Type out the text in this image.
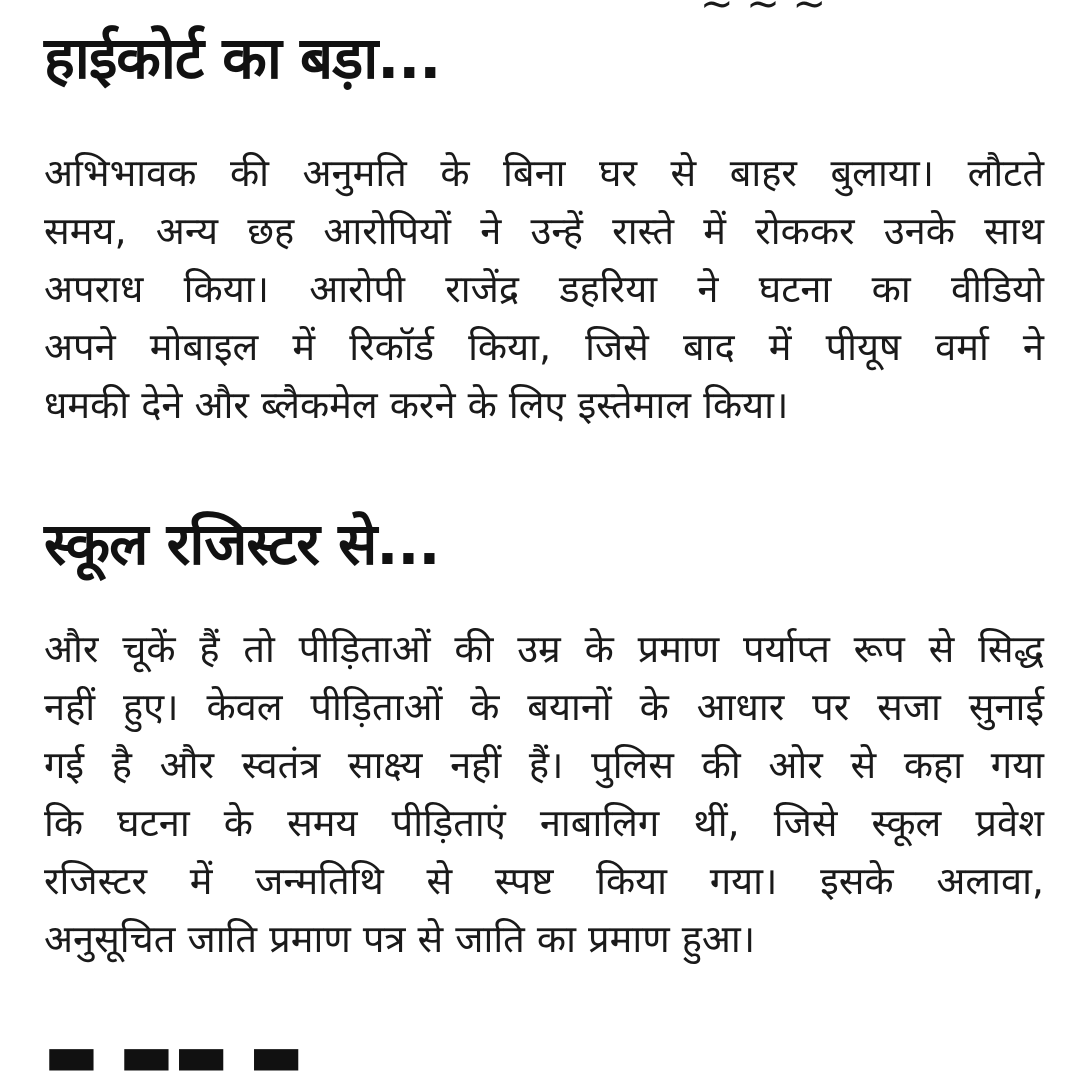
~ ~ ~
हाईकोर्ट का बड़ा...
अभिभावक की अनुमति के बिना घर से बाहर बुलाया। लौटते
समय, अन्य छह आरोपियों ने उन्हें रास्ते में रोककर उनके साथ
अपराध किया। आरोपी राजेंद्र डहरिया ने घटना का वीडियो
अपने मोबाइल में रिकॉर्ड किया, जिसे बाद में पीयूष वर्मा ने
धमकी देने और ब्लैकमेल करने के लिए इस्तेमाल किया।
स्कूल रजिस्टर से...
और चूकें हैं तो पीड़िताओं की उम्र के प्रमाण पर्याप्त रूप से सिद्ध
नहीं हुए। केवल पीड़िताओं के बयानों के आधार पर सजा सुनाई
गई है और स्वतंत्र साक्ष्य नहीं हैं। पुलिस की ओर से कहा गया
कि घटना के समय पीड़िताएं नाबालिग थीं, जिसे स्कूल प्रवेश
रजिस्टर में जन्मतिथि से स्पष्ट किया गया। इसके अलावा,
अनुसूचित जाति प्रमाण पत्र से जाति का प्रमाण हुआ।
▬ ▬▬ ▬
